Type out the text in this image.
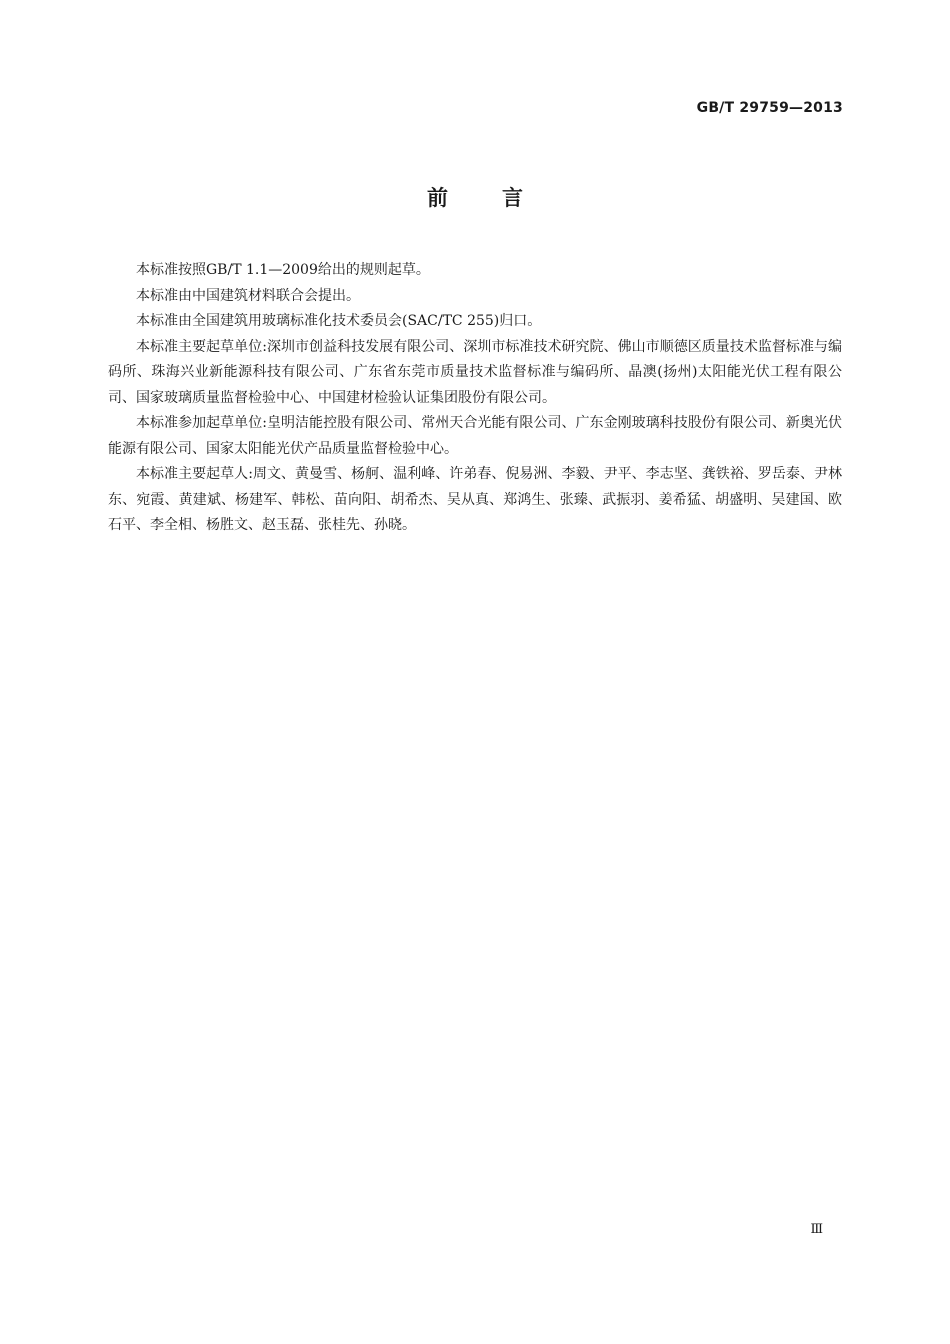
GB/T 29759—2013
前言

本标准按照GB/T 1.1—2009给出的规则起草。

本标准由中国建筑材料联合会提出。

本标准由全国建筑用玻璃标准化技术委员会(SAC/TC 255)归口。

本标准主要起草单位:深圳市创益科技发展有限公司、深圳市标准技术研究院、佛山市顺德区质量技术监督标准与编码所、珠海兴业新能源科技有限公司、广东省东莞市质量技术监督标准与编码所、晶澳(扬州)太阳能光伏工程有限公司、国家玻璃质量监督检验中心、中国建材检验认证集团股份有限公司。

本标准参加起草单位:皇明洁能控股有限公司、常州天合光能有限公司、广东金刚玻璃科技股份有限公司、新奥光伏能源有限公司、国家太阳能光伏产品质量监督检验中心。

本标准主要起草人:周文、黄曼雪、杨舸、温利峰、许弟春、倪易洲、李毅、尹平、李志坚、龚铁裕、罗岳泰、尹林东、宛霞、黄建斌、杨建军、韩松、苗向阳、胡希杰、吴从真、郑鸿生、张臻、武振羽、姜希猛、胡盛明、吴建国、欧石平、李全相、杨胜文、赵玉磊、张桂先、孙晓。

Ⅲ
